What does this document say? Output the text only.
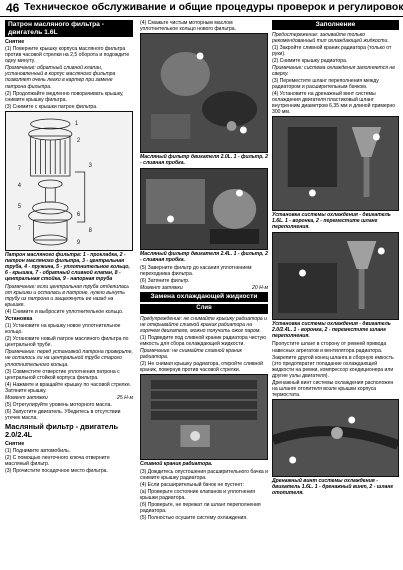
46 Техническое обслуживание и общие процедуры проверок и регулировок
Патрон масляного фильтра - двигатель 1.6L
Снятие

(1) Поверните крышку корпуса масляного фильтра против часовой стрелки на 2,5 оборота и подождите одну минуту.

Примечание: обратный сливной клапан, установленный в корпус масляного фильтра позволяет очень легко в картер при замене патрона фильтра.

(2) Продолжайте медленно поворачивать крышку, снимите крышку фильтра.

(3) Снимите с крышки патрон фильтра.

1
2
3
4
5
6
7	8
9

Патрон масляного фильтра: 1 - прокладка, 2 - патрон масляного фильтра, 3 - центральная труба, 4 - пружина, 5 - уплотнительное кольцо, 6 - крышка, 7 - обратный сливной клапан, 8 - центральная стойка, 9 - напорная труба

Примечание: если центральная труба отделилась от крышки и осталась в патроне, нужно вынуть трубу из патрона и защелкнуть ее назад на крышке.

(4) Снимите и выбросите уплотнительное кольцо.

Установка

(1) Установите на крышку новое уплотнительное кольцо.

(2) Установите новый патрон масляного фильтра по центральной трубе.

Примечание: перед установкой патрона проверьте, не осталось ли на центральной трубе старого уплотнительного кольца.

(3) Совместите отверстие уплотнения патрона с центральной стойкой корпуса фильтра.

(4) Нажмите и вращайте крышку по часовой стрелке. Затяните крышку.

Момент затяжки	25 Н·м

(5) Отрегулируйте уровень моторного масла.

(6) Запустите двигатель. Убедитесь в отсутствии утечек масла.

Масляный фильтр - двигатель 2.0/2.4L
Снятие

(1) Поднимите автомобиль.

(2) С помощью ленточного ключа отверните масляный фильтр.

(3) Прочистите посадочное место фильтра.

(4) Смажьте чистым моторным маслом уплотнительное кольцо нового фильтра.

Масляный фильтр двигателя 2.0L. 1 - фильтр, 2 - сливная пробка.

Масляный фильтр двигателя 2.4L. 1 - фильтр, 2 - сливная пробка.

(5) Заверните фильтр до касания уплотнением переходника фильтра.

(6) Затяните фильтр.

Момент затяжки	20 Н·м

Замена охлаждающей жидкости
Слив

Предупреждение: не снимайте крышку радиатора и не открывайте сливной краник радиатора на горячем двигателе, можно получить ожог паром.

(1) Подведите под сливной краник радиатора чистую емкость для сбора охлаждающей жидкости.

Примечание: не снимайте сливной краник радиатора.

(2) Не снимая крышку радиатора, откройте сливной краник, повернув против часовой стрелки.

Сливной краник радиатора.

(3) Дождитесь опустошения расширительного бачка и снимите крышку радиатора.

(4) Если расширительный бачок не пустеет:

(а) Проверьте состояние клапанов и уплотнения крышки радиатора.

(б) Проверьте, не пережат ли шланг переполнения радиатора.

(5) Полностью осушите систему охлаждения.

Заполнение

Предостережение: заливайте только рекомендованный тип охлаждающей жидкости.

(1) Закройте сливной краник радиатора (только от руки).

(2) Снимите крышку радиатора.

Примечание: система охлаждения заполняется не сверху.

(3) Переместите шланг переполнения между радиатором и расширительным бачком.

(4) Установите на дренажный винт системы охлаждения двигателя пластиковый шланг внутренним диаметром 6,35 мм и длиной примерно 300 мм.

Установка системы охлаждения - двигатель 1.6L. 1 - воронка, 2 - переместите шланг переполнения.

Установка системы охлаждения - двигатель 2.0/2.4L. 1 - воронка, 2 - переместите шланг переполнения.

Пропустите шланг в сторону от ремней привода навесных агрегатов и вентилятора радиатора.

Закрепите другой конец шланга в сборную емкость (это предотвратит попадание охлаждающей жидкости на ремни, компрессор кондиционера или другие узлы двигателя).

Дренажный винт системы охлаждения расположен на шланге отопителя возле крышки корпуса термостата.

Дренажный винт системы охлаждения - двигатель 1.6L. 1 - дренажный винт, 2 - шланг отопителя.
